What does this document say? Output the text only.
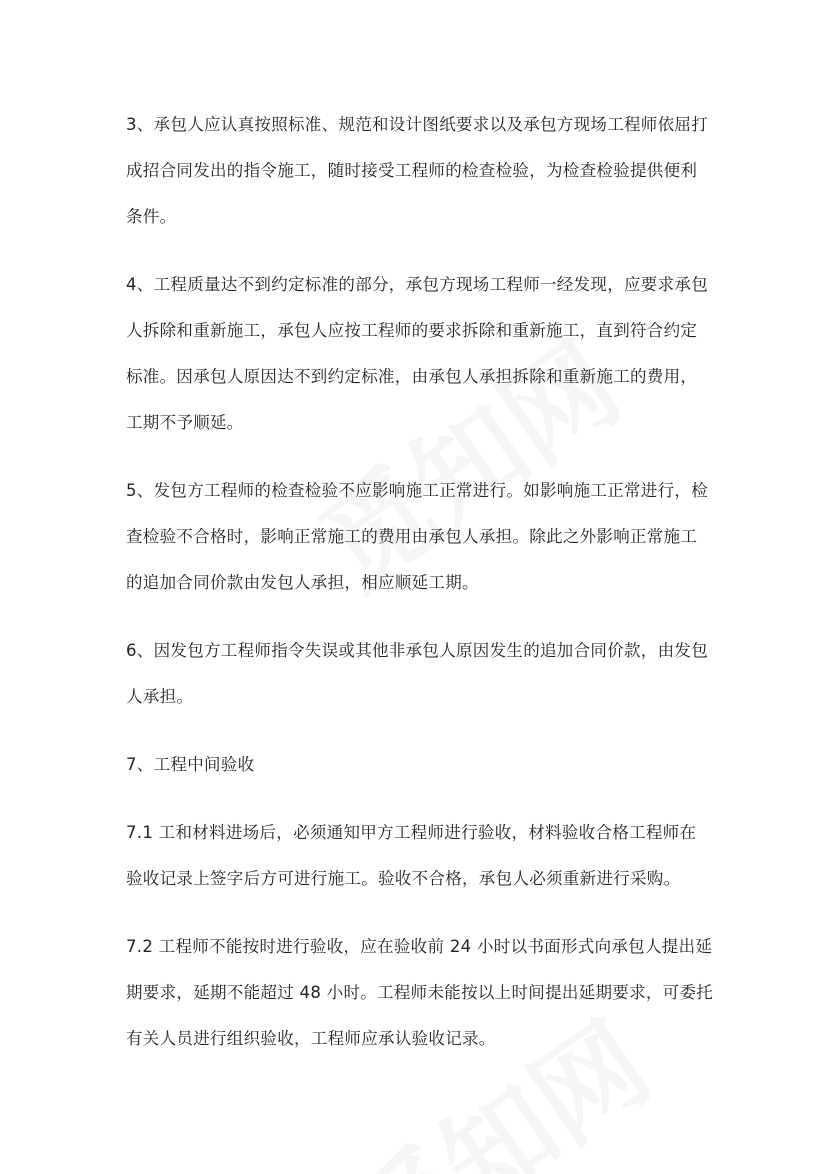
3、承包人应认真按照标准、规范和设计图纸要求以及承包方现场工程师依屈打
成招合同发出的指令施工，随时接受工程师的检查检验，为检查检验提供便利
条件。

4、工程质量达不到约定标准的部分，承包方现场工程师一经发现，应要求承包
人拆除和重新施工，承包人应按工程师的要求拆除和重新施工，直到符合约定
标准。因承包人原因达不到约定标准，由承包人承担拆除和重新施工的费用，
工期不予顺延。

5、发包方工程师的检查检验不应影响施工正常进行。如影响施工正常进行，检
查检验不合格时，影响正常施工的费用由承包人承担。除此之外影响正常施工
的追加合同价款由发包人承担，相应顺延工期。

6、因发包方工程师指令失误或其他非承包人原因发生的追加合同价款，由发包
人承担。

7、工程中间验收

7.1 工和材料进场后，必须通知甲方工程师进行验收，材料验收合格工程师在
验收记录上签字后方可进行施工。验收不合格，承包人必须重新进行采购。

7.2 工程师不能按时进行验收，应在验收前 24 小时以书面形式向承包人提出延
期要求，延期不能超过 48 小时。工程师未能按以上时间提出延期要求，可委托
有关人员进行组织验收，工程师应承认验收记录。
